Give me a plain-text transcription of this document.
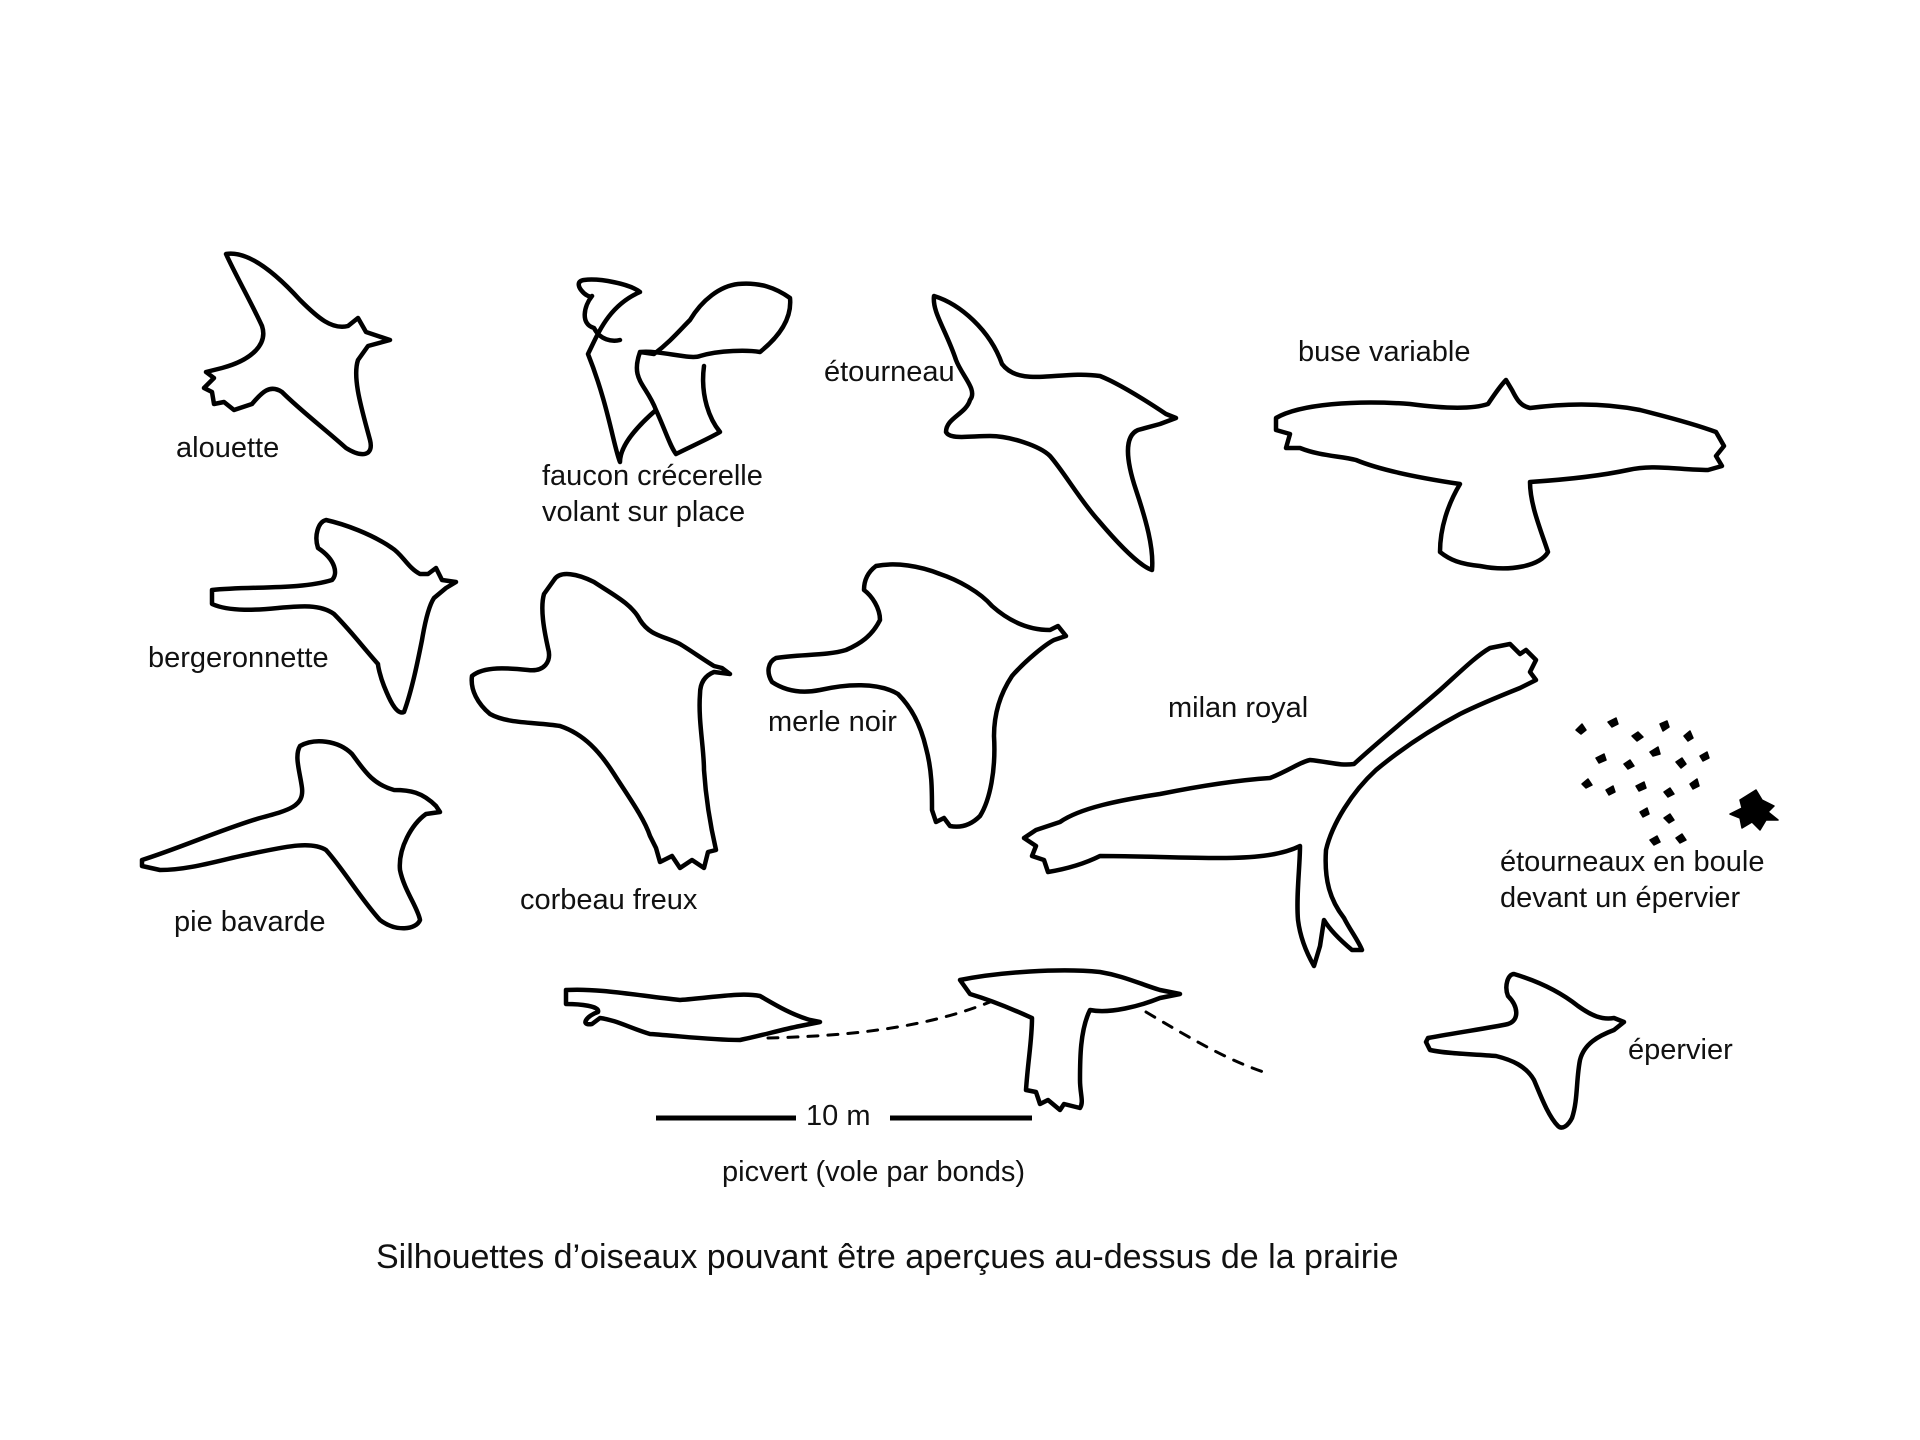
alouette
faucon crécerelle
volant sur place
étourneau
buse variable
bergeronnette
merle noir	milan royal
pie bavarde
corbeau freux
étourneaux en boule
devant un épervier
épervier
10 m
picvert (vole par bonds)
Silhouettes d’oiseaux pouvant être aperçues au-dessus de la prairie
